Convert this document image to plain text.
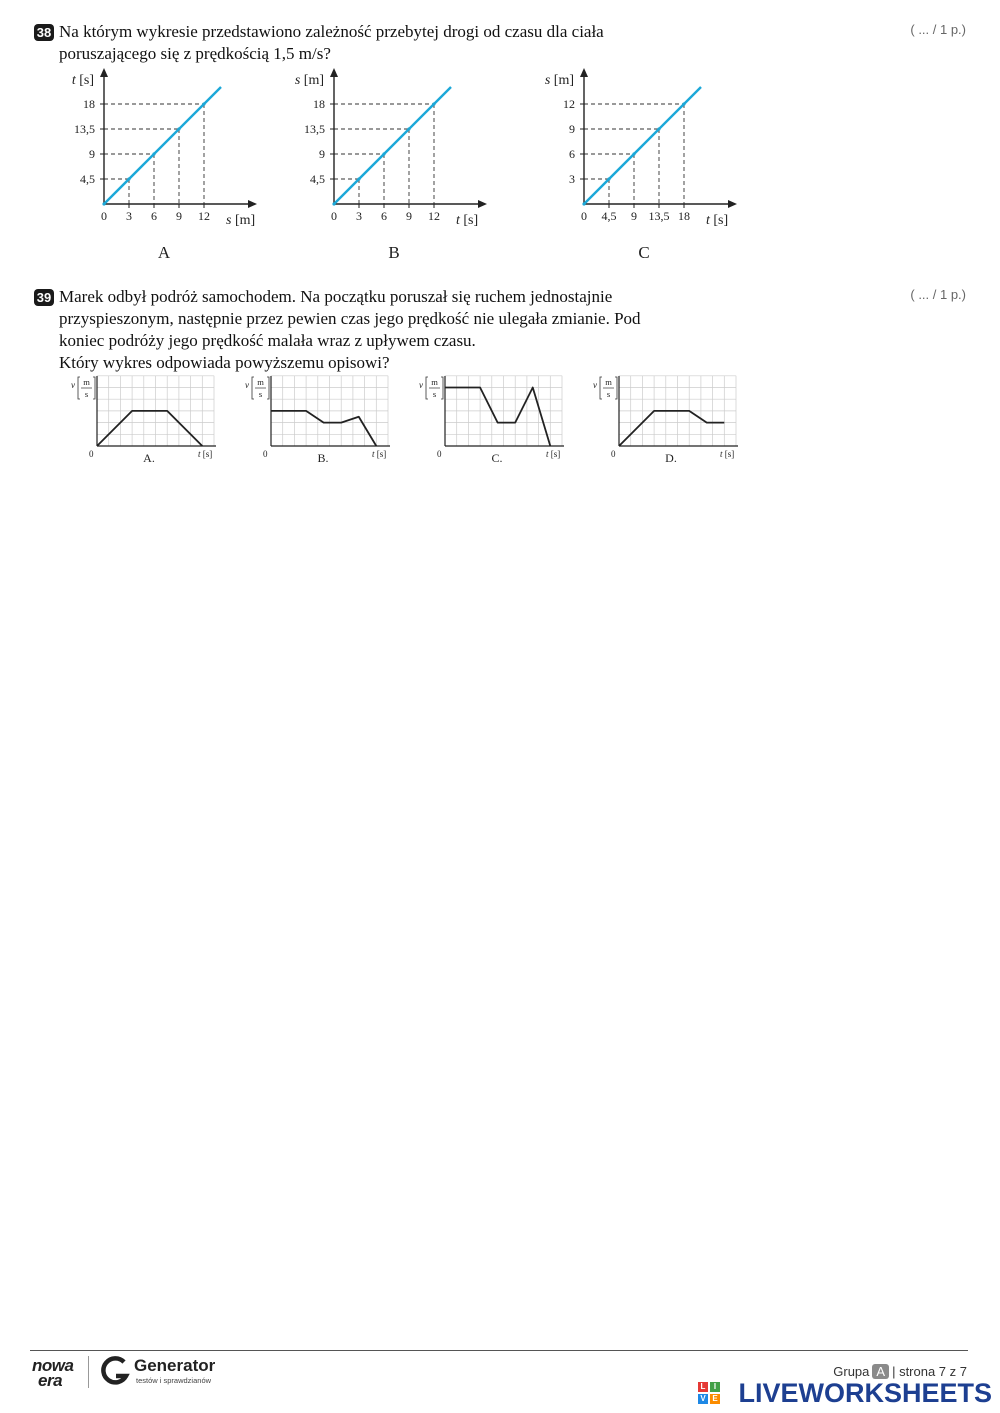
38 Na którym wykresie przedstawiono zależność przebytej drogi od czasu dla ciała
poruszającego się z prędkością 1,5 m/s?
( ... / 1 p.)
4,5
9
13,5
18
0 3 6 9 12
t [s]
s [m]
A
4,5
9
13,5
18
0 3 6 9 12
s [m]
t [s]
B
3
6
9
12
0 4,5 9 13,5 18
s [m]
t [s]
C
39 Marek odbył podróż samochodem. Na początku poruszał się ruchem jednostajnie
przyspieszonym, następnie przez pewien czas jego prędkość nie ulegała zmianie. Pod
koniec podróży jego prędkość malała wraz z upływem czasu.
Który wykres odpowiada powyższemu opisowi?
( ... / 1 p.)
v m
s
0	t [s]
A.
v m
s
0	t [s]
B.
v m
s
0	t [s]
C.
v m
s
0	t [s]
D.
nowa
era
Generator
testów i sprawdzianów
Grupa A | strona 7 z 7
L	I
V E LIVEWORKSHEETS
